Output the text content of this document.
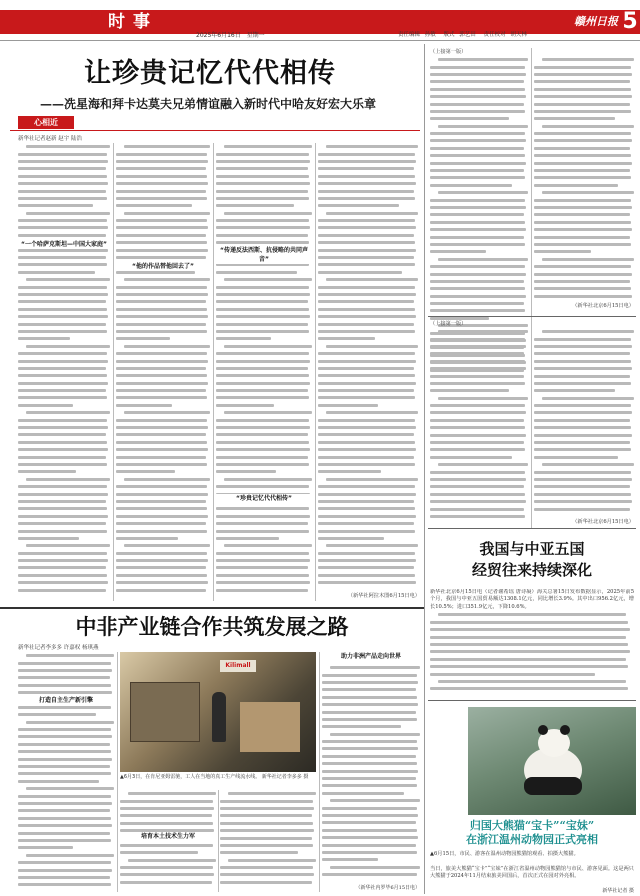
时事
2025年6月16日 星期一	责任编辑 孙敏 版式 郭艺田 责任校对 胡天林
赣州日报 5
让珍贵记忆代代相传
——冼星海和拜卡达莫夫兄弟情谊融入新时代中哈友好宏大乐章
心相近
新华社记者赵新 赵宇 陆浩
“一个哈萨克斯坦—中国大家庭”
“他的作品替他回去了”
“传递反法西斯、抗侵略的共同声音”
“珍贵记忆代代相传”
（新华社阿拉木图6月15日电）
（上接第一版）
（新华社北京6月15日电）
（上接第一版）
（新华社北京6月15日电）
我国与中亚五国
经贸往来持续深化
新华社北京6月15日电（记者谢希瑶 唐诗凝）海关总署15日发布数据显示，2025年前5个月，我国与中亚五国贸易额达1308.1亿元，同比增长3.9%。其中出口956.2亿元，增长10.5%；进口351.9亿元，下降10.6%。
中非产业链合作共筑发展之路
新华社记者李多多 许嘉权 杨琪燕
打造自主生产新引擎
Kilimall
▲6月3日，在肯尼亚姆雷驰，工人在当地的真工生产线流水线。 新华社记者李多多 摄
培育本土技术生力军
助力非洲产品走向世界
（新华社内罗毕6月15日电）
归国大熊猫“宝卡”“宝妹”
在浙江温州动物园正式亮相
▲6月15日，市民、游客在温州动物园熊猫馆观看、拍摄大熊猫。
当日，旅美大熊猫“宝卡”“宝妹”在浙江省温州动物园熊猫馆与市民、游客见面。这是两只大熊猫于2024年11月结束旅美回国后，首次正式在园对外亮相。
新华社记者 摄
